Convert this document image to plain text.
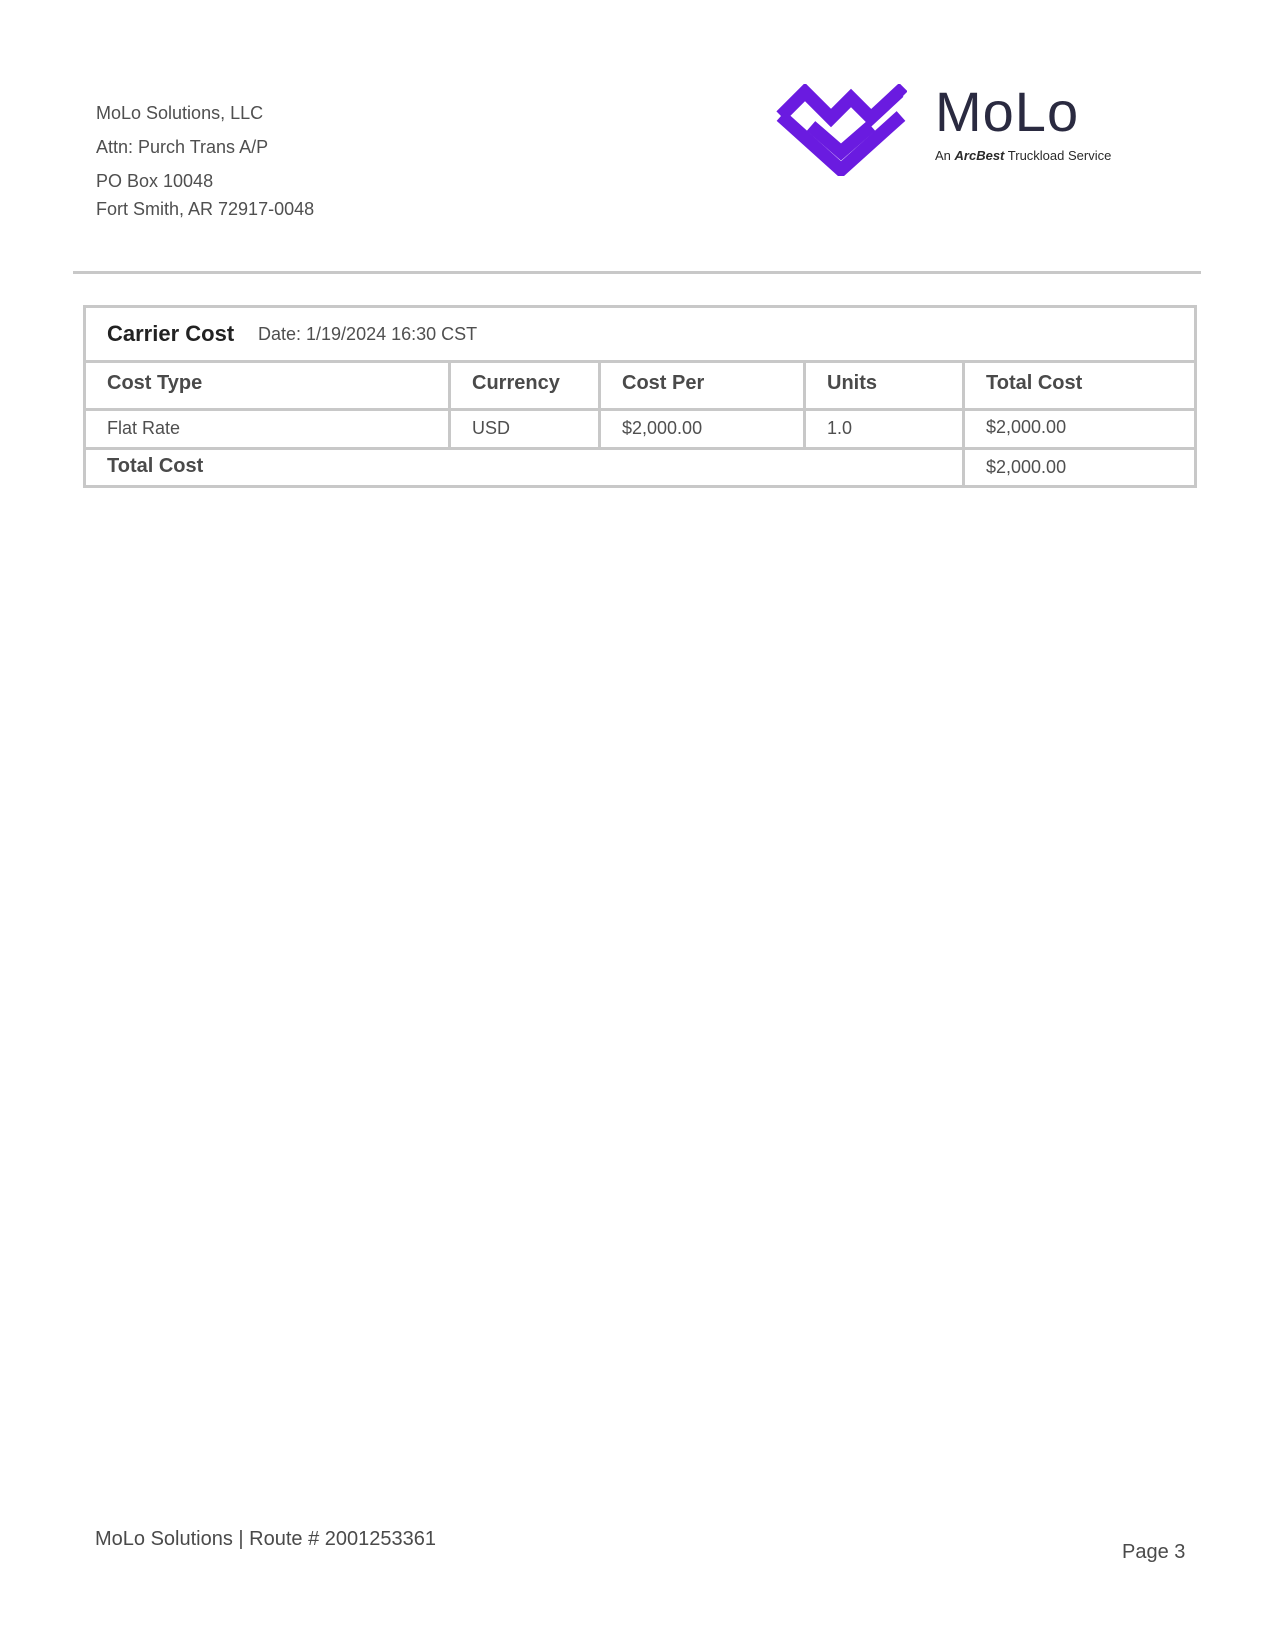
MoLo Solutions, LLC
Attn: Purch Trans A/P
PO Box 10048
Fort Smith, AR 72917-0048
MoLo
An ArcBest Truckload Service
Carrier Cost Date: 1/19/2024 16:30 CST
Cost Type	Currency	Cost Per	Units	Total Cost
Flat Rate	USD	$2,000.00	1.0	$2,000.00
Total Cost	$2,000.00
MoLo Solutions | Route # 2001253361
Page 3
